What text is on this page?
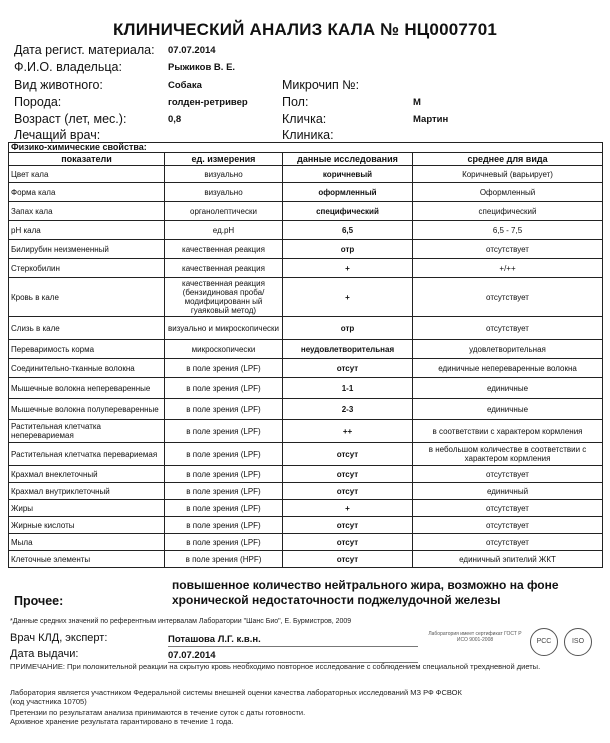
КЛИНИЧЕСКИЙ АНАЛИЗ КАЛА № НЦ0007701
Дата регист. материала: 07.07.2014
Ф.И.О. владельца:	Рыжиков В. Е.
Вид животного:	Собака	Микрочип №:
Порода:	голден-ретривер	Пол:	М
Возраст (лет, мес.):	0,8	Кличка:	Мартин
Лечащий врач:	Клиника:
Физико-химические свойства:			
показатели	ед. измерения	данные исследования	среднее для вида
Цвет кала	визуально	коричневый	Коричневый (варьирует)
Форма кала	визуально	оформленный	Оформленный
Запах кала	органолептически	специфический	специфический
pH кала	ед.pH	6,5	6,5 - 7,5
Билирубин неизмененный	качественная реакция	отр	отсутствует
Стеркобилин	качественная реакция	+	+/++
Кровь в кале	качественная реакция (бензидиновая проба/модифицированн ый гуаяковый метод)	+	отсутствует
Слизь в кале	визуально и микроскопически	отр	отсутствует
Переваримость корма	микроскопически	неудовлетворительная	удовлетворительная
Соединительно-тканные волокна	в поле зрения (LPF)	отсут	единичные непереваренные волокна
Мышечные волокна непереваренные	в поле зрения (LPF)	1-1	единичные
Мышечные волокна полупереваренные	в поле зрения (LPF)	2-3	единичные
Растительная клетчатка неперевариемая	в поле зрения (LPF)	++	в соответствии с характером кормления
Растительная клетчатка перевариемая	в поле зрения (LPF)	отсут	в небольшом количестве в соответствии с характером кормления
Крахмал внеклеточный	в поле зрения (LPF)	отсут	отсутствует
Крахмал внутриклеточный	в поле зрения (LPF)	отсут	единичный
Жиры	в поле зрения (LPF)	+	отсутствует
Жирные кислоты	в поле зрения (LPF)	отсут	отсутствует
Мыла	в поле зрения (LPF)	отсут	отсутствует
Клеточные элементы	в поле зрения (HPF)	отсут	единичный эпителий ЖКТ
Прочее:
повышенное количество нейтрального жира, возможно на фоне хронической недостаточности поджелудочной железы
*Данные средних значений по референтным интервалам Лаборатории "Шанс Био", Е. Бурмистров, 2009
Врач КЛД, эксперт:	Поташова Л.Г. к.в.н.
Дата выдачи:	07.07.2014
Лаборатория имеет сертификат ГОСТ Р ИСО 9001-2008	РСС	ISO
ПРИМЕЧАНИЕ: При положительной реакции на скрытую кровь необходимо повторное исследование с соблюдением специальной трехдневной диеты.
Лаборатория является участником Федеральной системы внешней оценки качества лабораторных исследований МЗ РФ ФСВОК
(код участника 10705)
Претензии по результатам анализа принимаются в течение суток с даты готовности.
Архивное хранение результата гарантировано в течение 1 года.
